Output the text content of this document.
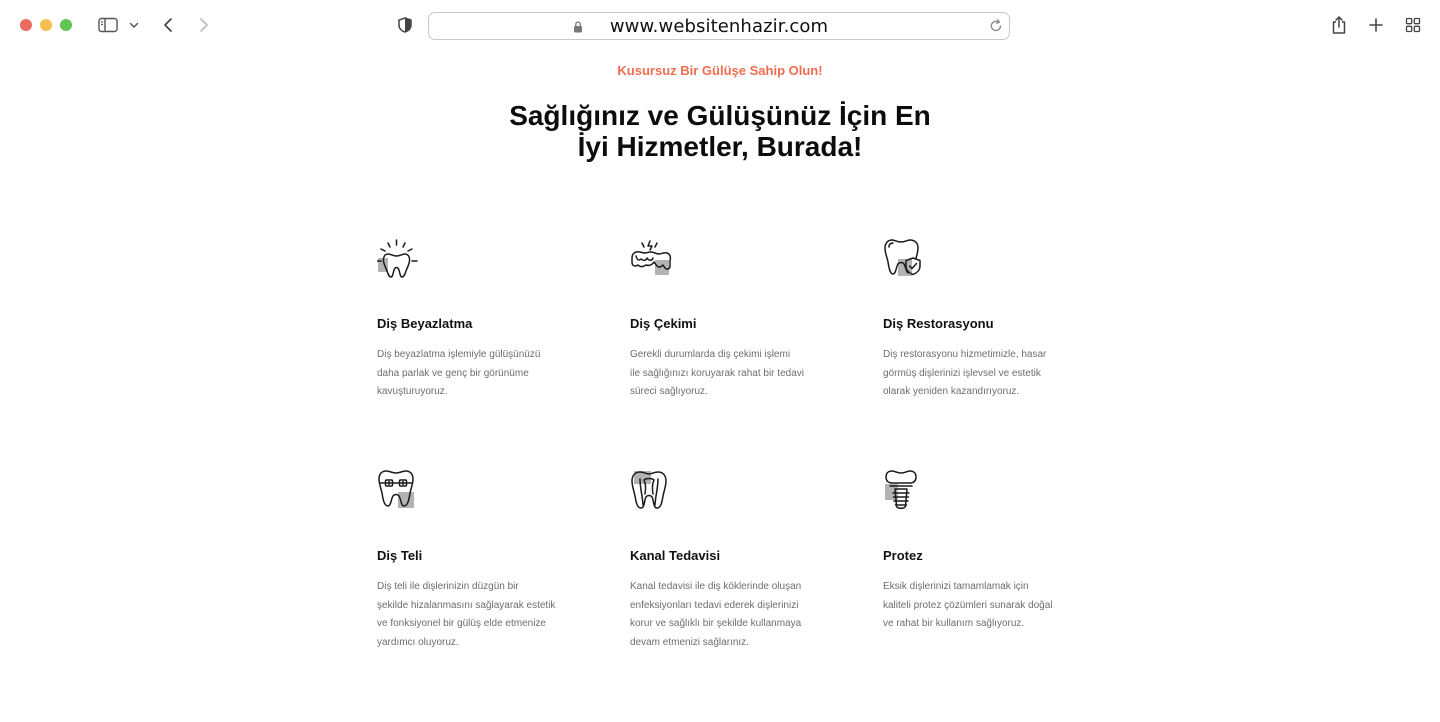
www.websitenhazir.com
Kusursuz Bir Gülüşe Sahip Olun!
Sağlığınız ve Gülüşünüz İçin En
İyi Hizmetler, Burada!
Diş Beyazlatma
Diş beyazlatma işlemiyle gülüşünüzü
daha parlak ve genç bir görünüme
kavuşturuyoruz.
Diş Çekimi
Gerekli durumlarda diş çekimi işlemi
ile sağlığınızı koruyarak rahat bir tedavi
süreci sağlıyoruz.
Diş Restorasyonu
Diş restorasyonu hizmetimizle, hasar
görmüş dişlerinizi işlevsel ve estetik
olarak yeniden kazandırıyoruz.
Diş Teli
Diş teli ile dişlerinizin düzgün bir
şekilde hizalanmasını sağlayarak estetik
ve fonksiyonel bir gülüş elde etmenize
yardımcı oluyoruz.
Kanal Tedavisi
Kanal tedavisi ile diş köklerinde oluşan
enfeksiyonları tedavi ederek dişlerinizi
korur ve sağlıklı bir şekilde kullanmaya
devam etmenizi sağlarınız.
Protez
Eksik dişlerinizi tamamlamak için
kaliteli protez çözümleri sunarak doğal
ve rahat bir kullanım sağlıyoruz.
